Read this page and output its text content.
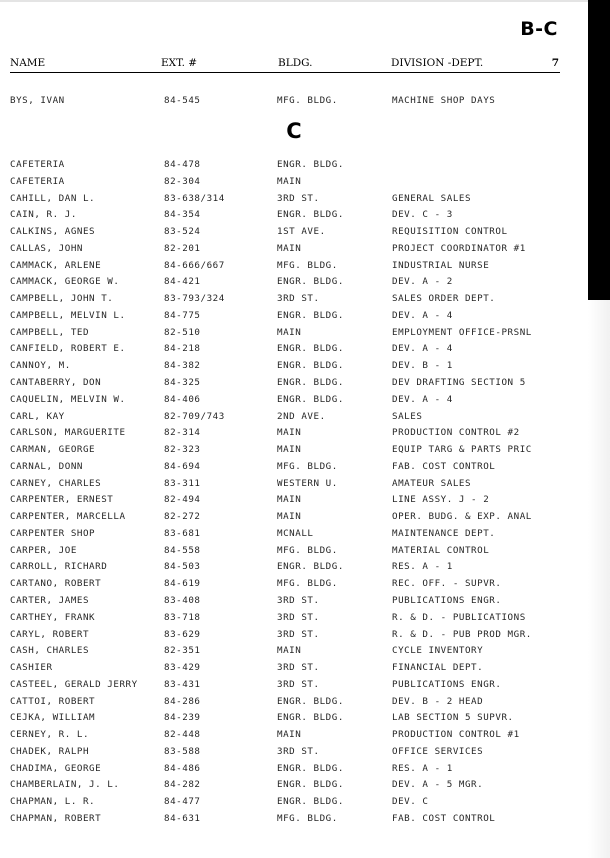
B-C
NAME	EXT. #	BLDG.	DIVISION -DEPT.	7
BYS, IVAN	84-545	MFG. BLDG.	MACHINE SHOP DAYS
C
CAFETERIA	84-478	ENGR. BLDG.
CAFETERIA	82-304	MAIN
CAHILL, DAN L.	83-638/314	3RD ST.	GENERAL SALES
CAIN, R. J.	84-354	ENGR. BLDG.	DEV. C - 3
CALKINS, AGNES	83-524	1ST AVE.	REQUISITION CONTROL
CALLAS, JOHN	82-201	MAIN	PROJECT COORDINATOR #1
CAMMACK, ARLENE	84-666/667	MFG. BLDG.	INDUSTRIAL NURSE
CAMMACK, GEORGE W.	84-421	ENGR. BLDG.	DEV. A - 2
CAMPBELL, JOHN T.	83-793/324	3RD ST.	SALES ORDER DEPT.
CAMPBELL, MELVIN L.	84-775	ENGR. BLDG.	DEV. A - 4
CAMPBELL, TED	82-510	MAIN	EMPLOYMENT OFFICE-PRSNL
CANFIELD, ROBERT E.	84-218	ENGR. BLDG.	DEV. A - 4
CANNOY, M.	84-382	ENGR. BLDG.	DEV. B - 1
CANTABERRY, DON	84-325	ENGR. BLDG.	DEV DRAFTING SECTION 5
CAQUELIN, MELVIN W.	84-406	ENGR. BLDG.	DEV. A - 4
CARL, KAY	82-709/743	2ND AVE.	SALES
CARLSON, MARGUERITE	82-314	MAIN	PRODUCTION CONTROL #2
CARMAN, GEORGE	82-323	MAIN	EQUIP TARG & PARTS PRIC
CARNAL, DONN	84-694	MFG. BLDG.	FAB. COST CONTROL
CARNEY, CHARLES	83-311	WESTERN U.	AMATEUR SALES
CARPENTER, ERNEST	82-494	MAIN	LINE ASSY. J - 2
CARPENTER, MARCELLA	82-272	MAIN	OPER. BUDG. & EXP. ANAL
CARPENTER SHOP	83-681	MCNALL	MAINTENANCE DEPT.
CARPER, JOE	84-558	MFG. BLDG.	MATERIAL CONTROL
CARROLL, RICHARD	84-503	ENGR. BLDG.	RES. A - 1
CARTANO, ROBERT	84-619	MFG. BLDG.	REC. OFF. - SUPVR.
CARTER, JAMES	83-408	3RD ST.	PUBLICATIONS ENGR.
CARTHEY, FRANK	83-718	3RD ST.	R. & D. - PUBLICATIONS
CARYL, ROBERT	83-629	3RD ST.	R. & D. - PUB PROD MGR.
CASH, CHARLES	82-351	MAIN	CYCLE INVENTORY
CASHIER	83-429	3RD ST.	FINANCIAL DEPT.
CASTEEL, GERALD JERRY	83-431	3RD ST.	PUBLICATIONS ENGR.
CATTOI, ROBERT	84-286	ENGR. BLDG.	DEV. B - 2 HEAD
CEJKA, WILLIAM	84-239	ENGR. BLDG.	LAB SECTION 5 SUPVR.
CERNEY, R. L.	82-448	MAIN	PRODUCTION CONTROL #1
CHADEK, RALPH	83-588	3RD ST.	OFFICE SERVICES
CHADIMA, GEORGE	84-486	ENGR. BLDG.	RES. A - 1
CHAMBERLAIN, J. L.	84-282	ENGR. BLDG.	DEV. A - 5 MGR.
CHAPMAN, L. R.	84-477	ENGR. BLDG.	DEV. C
CHAPMAN, ROBERT	84-631	MFG. BLDG.	FAB. COST CONTROL
